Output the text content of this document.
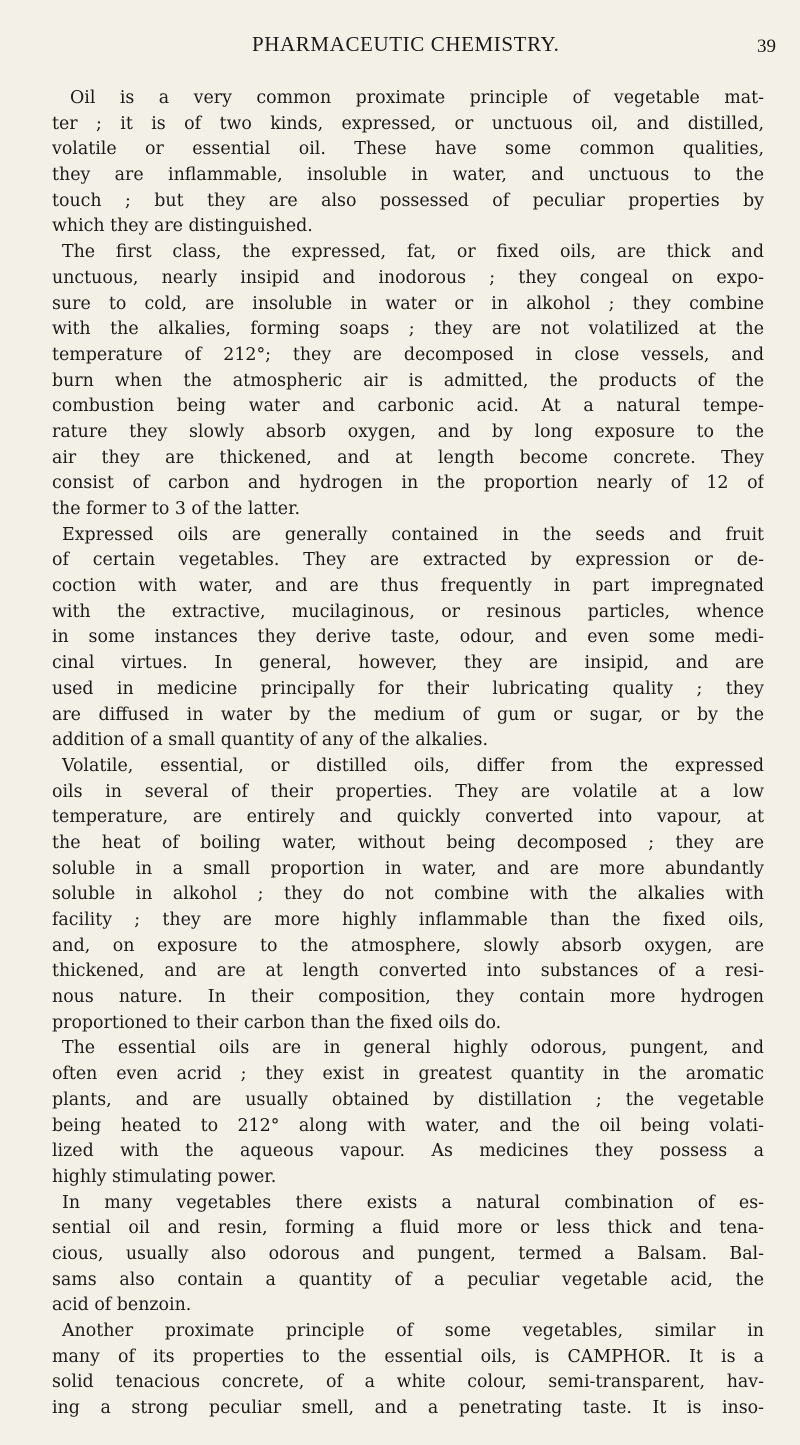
PHARMACEUTIC CHEMISTRY.	39
Oil is a very common proximate principle of vegetable mat-
ter ; it is of two kinds, expressed, or unctuous oil, and distilled,
volatile or essential oil. These have some common qualities,
they are inflammable, insoluble in water, and unctuous to the
touch ; but they are also possessed of peculiar properties by
which they are distinguished.
The first class, the expressed, fat, or fixed oils, are thick and
unctuous, nearly insipid and inodorous ; they congeal on expo-
sure to cold, are insoluble in water or in alkohol ; they combine
with the alkalies, forming soaps ; they are not volatilized at the
temperature of 212°; they are decomposed in close vessels, and
burn when the atmospheric air is admitted, the products of the
combustion being water and carbonic acid. At a natural tempe-
rature they slowly absorb oxygen, and by long exposure to the
air they are thickened, and at length become concrete. They
consist of carbon and hydrogen in the proportion nearly of 12 of
the former to 3 of the latter.
Expressed oils are generally contained in the seeds and fruit
of certain vegetables. They are extracted by expression or de-
coction with water, and are thus frequently in part impregnated
with the extractive, mucilaginous, or resinous particles, whence
in some instances they derive taste, odour, and even some medi-
cinal virtues. In general, however, they are insipid, and are
used in medicine principally for their lubricating quality ; they
are diffused in water by the medium of gum or sugar, or by the
addition of a small quantity of any of the alkalies.
Volatile, essential, or distilled oils, differ from the expressed
oils in several of their properties. They are volatile at a low
temperature, are entirely and quickly converted into vapour, at
the heat of boiling water, without being decomposed ; they are
soluble in a small proportion in water, and are more abundantly
soluble in alkohol ; they do not combine with the alkalies with
facility ; they are more highly inflammable than the fixed oils,
and, on exposure to the atmosphere, slowly absorb oxygen, are
thickened, and are at length converted into substances of a resi-
nous nature. In their composition, they contain more hydrogen
proportioned to their carbon than the fixed oils do.
The essential oils are in general highly odorous, pungent, and
often even acrid ; they exist in greatest quantity in the aromatic
plants, and are usually obtained by distillation ; the vegetable
being heated to 212° along with water, and the oil being volati-
lized with the aqueous vapour. As medicines they possess a
highly stimulating power.
In many vegetables there exists a natural combination of es-
sential oil and resin, forming a fluid more or less thick and tena-
cious, usually also odorous and pungent, termed a Balsam. Bal-
sams also contain a quantity of a peculiar vegetable acid, the
acid of benzoin.
Another proximate principle of some vegetables, similar in
many of its properties to the essential oils, is CAMPHOR. It is a
solid tenacious concrete, of a white colour, semi-transparent, hav-
ing a strong peculiar smell, and a penetrating taste. It is inso-
